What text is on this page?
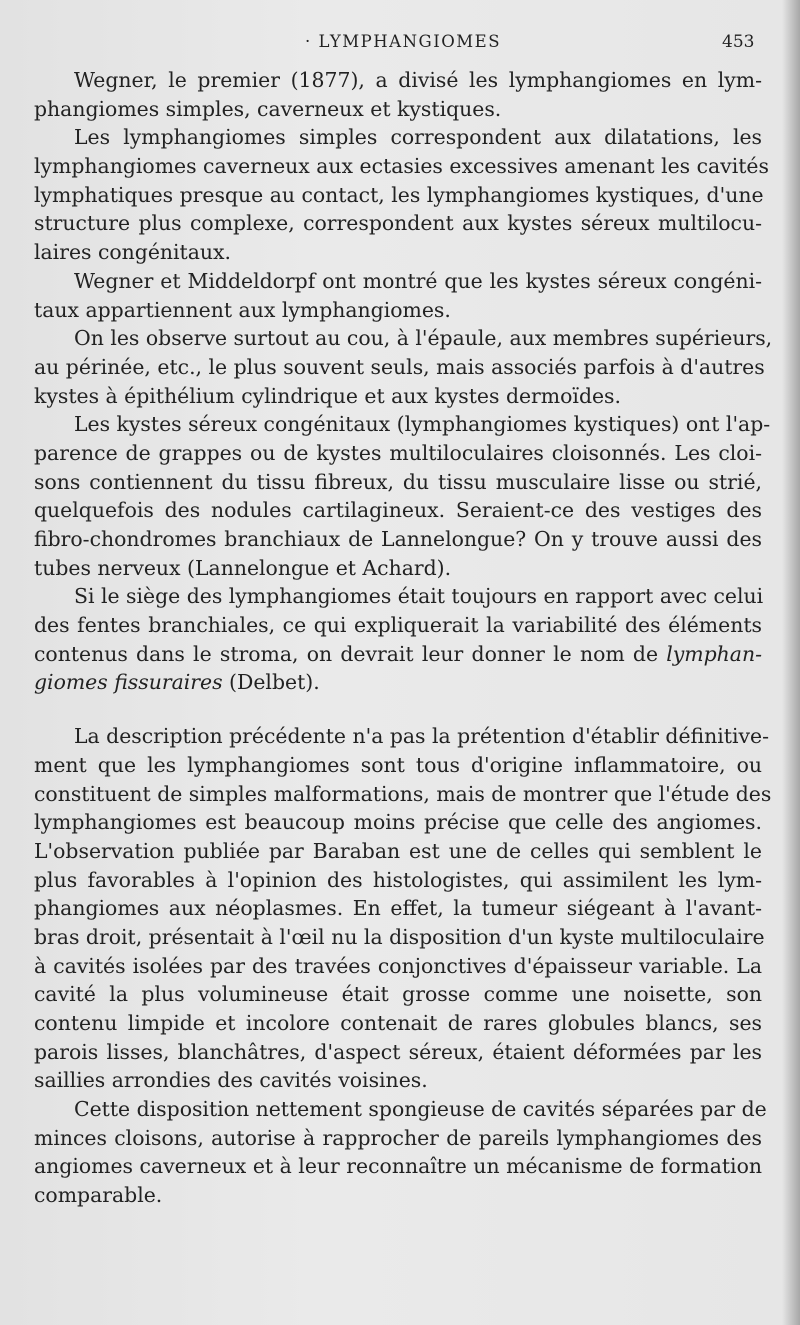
· LYMPHANGIOMES	453
Wegner, le premier (1877), a divisé les lymphangiomes en lym-
phangiomes simples, caverneux et kystiques.
Les lymphangiomes simples correspondent aux dilatations, les
lymphangiomes caverneux aux ectasies excessives amenant les cavités
lymphatiques presque au contact, les lymphangiomes kystiques, d'une
structure plus complexe, correspondent aux kystes séreux multilocu-
laires congénitaux.
Wegner et Middeldorpf ont montré que les kystes séreux congéni-
taux appartiennent aux lymphangiomes.
On les observe surtout au cou, à l'épaule, aux membres supérieurs,
au périnée, etc., le plus souvent seuls, mais associés parfois à d'autres
kystes à épithélium cylindrique et aux kystes dermoïdes.
Les kystes séreux congénitaux (lymphangiomes kystiques) ont l'ap-
parence de grappes ou de kystes multiloculaires cloisonnés. Les cloi-
sons contiennent du tissu fibreux, du tissu musculaire lisse ou strié,
quelquefois des nodules cartilagineux. Seraient-ce des vestiges des
fibro-chondromes branchiaux de Lannelongue? On y trouve aussi des
tubes nerveux (Lannelongue et Achard).
Si le siège des lymphangiomes était toujours en rapport avec celui
des fentes branchiales, ce qui expliquerait la variabilité des éléments
contenus dans le stroma, on devrait leur donner le nom de lymphan-
giomes fissuraires (Delbet).
La description précédente n'a pas la prétention d'établir définitive-
ment que les lymphangiomes sont tous d'origine inflammatoire, ou
constituent de simples malformations, mais de montrer que l'étude des
lymphangiomes est beaucoup moins précise que celle des angiomes.
L'observation publiée par Baraban est une de celles qui semblent le
plus favorables à l'opinion des histologistes, qui assimilent les lym-
phangiomes aux néoplasmes. En effet, la tumeur siégeant à l'avant-
bras droit, présentait à l'œil nu la disposition d'un kyste multiloculaire
à cavités isolées par des travées conjonctives d'épaisseur variable. La
cavité la plus volumineuse était grosse comme une noisette, son
contenu limpide et incolore contenait de rares globules blancs, ses
parois lisses, blanchâtres, d'aspect séreux, étaient déformées par les
saillies arrondies des cavités voisines.
Cette disposition nettement spongieuse de cavités séparées par de
minces cloisons, autorise à rapprocher de pareils lymphangiomes des
angiomes caverneux et à leur reconnaître un mécanisme de formation
comparable.
